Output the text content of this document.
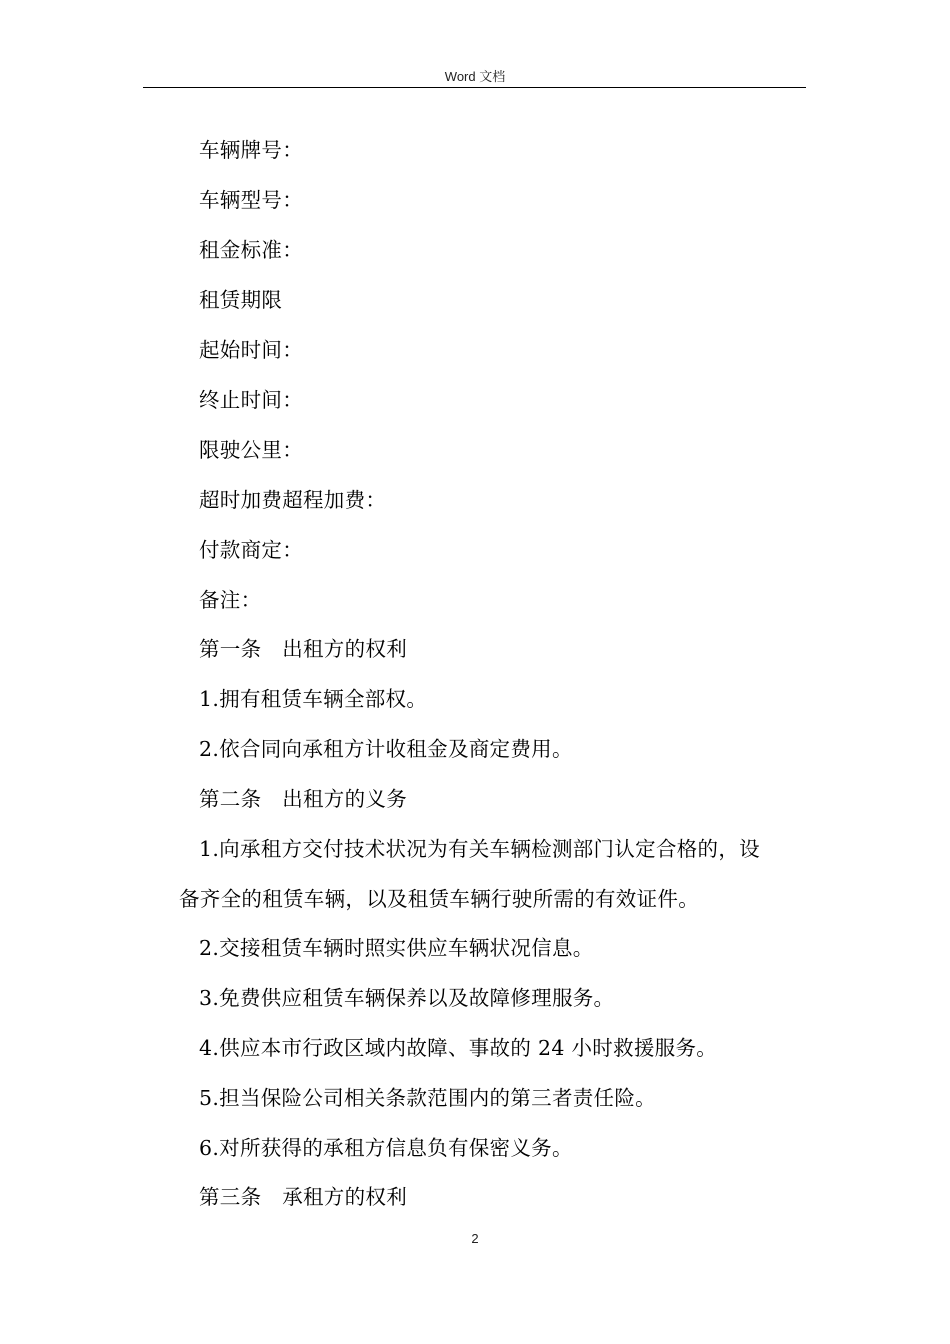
Word 文档
车辆牌号：
车辆型号：
租金标准：
租赁期限
起始时间：
终止时间：
限驶公里：
超时加费超程加费：
付款商定：
备注：
第一条　出租方的权利
1.拥有租赁车辆全部权。
2.依合同向承租方计收租金及商定费用。
第二条　出租方的义务
1.向承租方交付技术状况为有关车辆检测部门认定合格的，设
备齐全的租赁车辆，以及租赁车辆行驶所需的有效证件。
2.交接租赁车辆时照实供应车辆状况信息。
3.免费供应租赁车辆保养以及故障修理服务。
4.供应本市行政区域内故障、事故的 24 小时救援服务。
5.担当保险公司相关条款范围内的第三者责任险。
6.对所获得的承租方信息负有保密义务。
第三条　承租方的权利
2
